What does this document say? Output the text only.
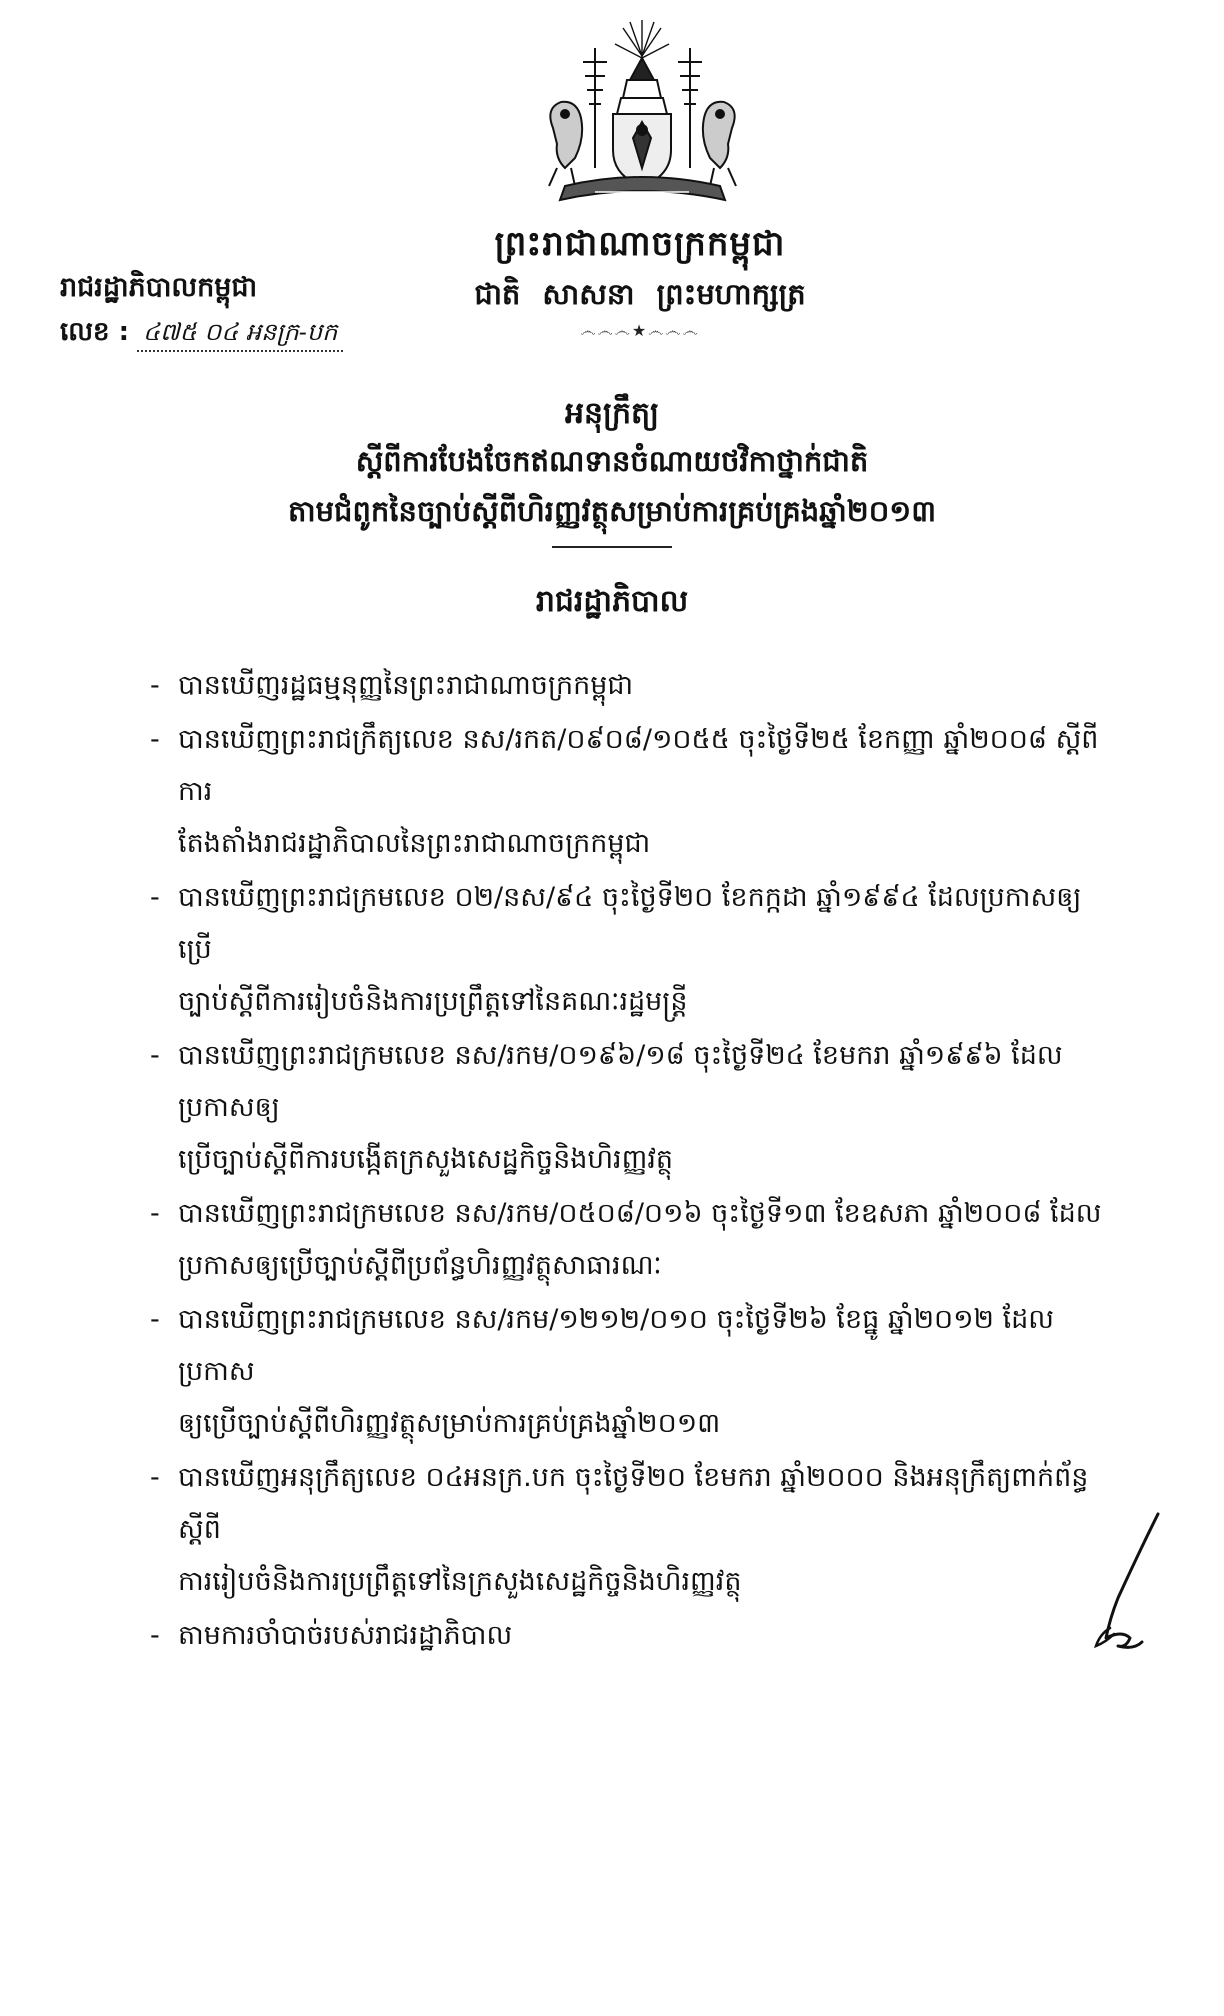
ព្រះរាជាណាចក្រកម្ពុជា
ជាតិ សាសនា ព្រះមហាក្សត្រ
෴෴෴★෴෴෴
រាជរដ្ឋាភិបាលកម្ពុជា
លេខ : ៤៧៥ ០៤ អនក្រ-បក
អនុក្រឹត្យ
ស្តីពីការបែងចែកឥណទានចំណាយថវិកាថ្នាក់ជាតិ
តាមជំពូកនៃច្បាប់ស្តីពីហិរញ្ញវត្ថុសម្រាប់ការគ្រប់គ្រងឆ្នាំ២០១៣
រាជរដ្ឋាភិបាល
- បានឃើញរដ្ឋធម្មនុញ្ញនៃព្រះរាជាណាចក្រកម្ពុជា
- បានឃើញព្រះរាជក្រឹត្យលេខ នស/រកត/០៩០៨/១០៥៥ ចុះថ្ងៃទី២៥ ខែកញ្ញា ឆ្នាំ២០០៨ ស្តីពីការ
តែងតាំងរាជរដ្ឋាភិបាលនៃព្រះរាជាណាចក្រកម្ពុជា
- បានឃើញព្រះរាជក្រមលេខ ០២/នស/៩៤ ចុះថ្ងៃទី២០ ខែកក្កដា ឆ្នាំ១៩៩៤ ដែលប្រកាសឲ្យប្រើ
ច្បាប់ស្តីពីការរៀបចំនិងការប្រព្រឹត្តទៅនៃគណៈរដ្ឋមន្ត្រី
- បានឃើញព្រះរាជក្រមលេខ នស/រកម/០១៩៦/១៨ ចុះថ្ងៃទី២៤ ខែមករា ឆ្នាំ១៩៩៦ ដែលប្រកាសឲ្យ
ប្រើច្បាប់ស្តីពីការបង្កើតក្រសួងសេដ្ឋកិច្ចនិងហិរញ្ញវត្ថុ
- បានឃើញព្រះរាជក្រមលេខ នស/រកម/០៥០៨/០១៦ ចុះថ្ងៃទី១៣ ខែឧសភា ឆ្នាំ២០០៨ ដែល
ប្រកាសឲ្យប្រើច្បាប់ស្តីពីប្រព័ន្ធហិរញ្ញវត្ថុសាធារណៈ
- បានឃើញព្រះរាជក្រមលេខ នស/រកម/១២១២/០១០ ចុះថ្ងៃទី២៦ ខែធ្នូ ឆ្នាំ២០១២ ដែលប្រកាស
ឲ្យប្រើច្បាប់ស្តីពីហិរញ្ញវត្ថុសម្រាប់ការគ្រប់គ្រងឆ្នាំ២០១៣
- បានឃើញអនុក្រឹត្យលេខ ០៤អនក្រ.បក ចុះថ្ងៃទី២០ ខែមករា ឆ្នាំ២០០០ និងអនុក្រឹត្យពាក់ព័ន្ធស្តីពី
ការរៀបចំនិងការប្រព្រឹត្តទៅនៃក្រសួងសេដ្ឋកិច្ចនិងហិរញ្ញវត្ថុ
- តាមការចាំបាច់របស់រាជរដ្ឋាភិបាល
